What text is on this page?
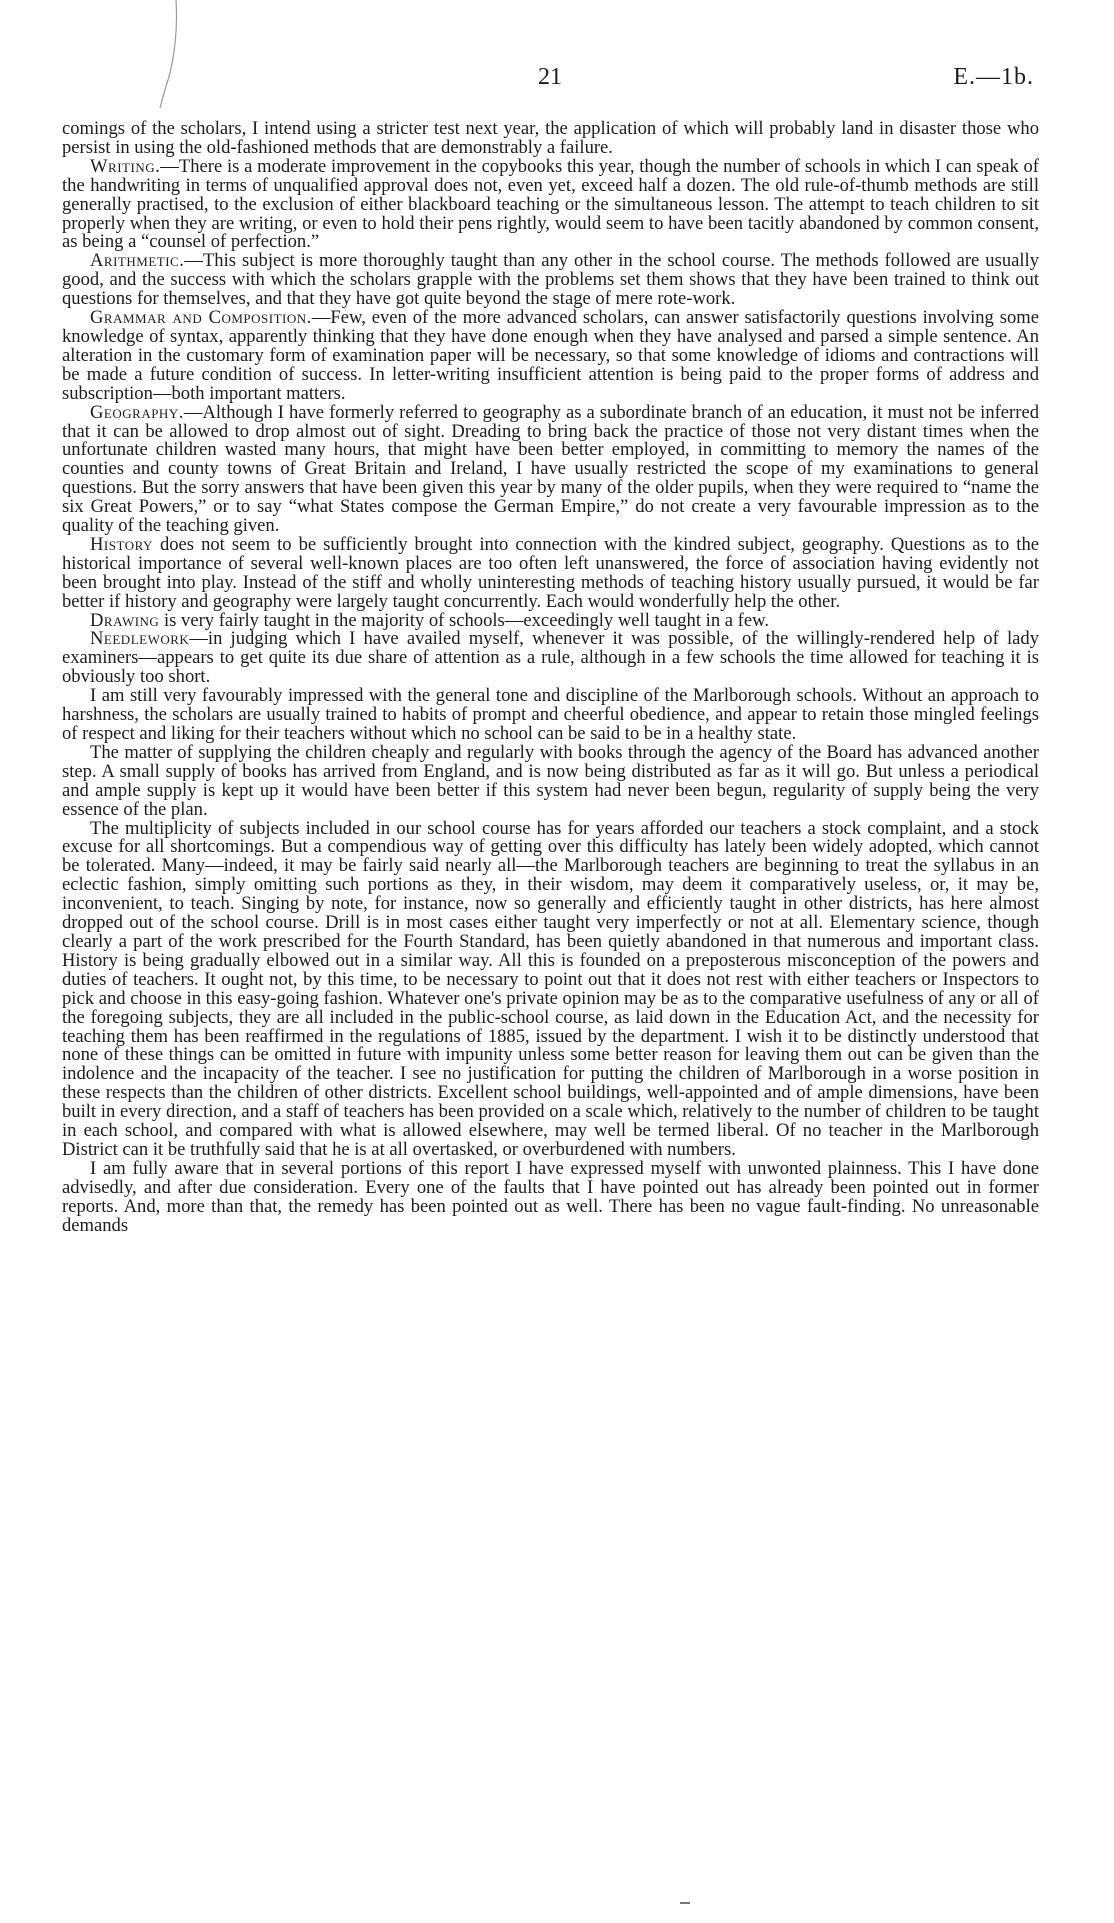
21	E.—1b.

comings of the scholars, I intend using a stricter test next year, the application of which will probably land in disaster those who persist in using the old-fashioned methods that are demonstrably a failure.

Writing.—There is a moderate improvement in the copybooks this year, though the number of schools in which I can speak of the handwriting in terms of unqualified approval does not, even yet, exceed half a dozen. The old rule-of-thumb methods are still generally practised, to the exclusion of either blackboard teaching or the simultaneous lesson. The attempt to teach children to sit properly when they are writing, or even to hold their pens rightly, would seem to have been tacitly abandoned by common consent, as being a “counsel of perfection.”

Arithmetic.—This subject is more thoroughly taught than any other in the school course. The methods followed are usually good, and the success with which the scholars grapple with the problems set them shows that they have been trained to think out questions for themselves, and that they have got quite beyond the stage of mere rote-work.

Grammar and Composition.—Few, even of the more advanced scholars, can answer satisfactorily questions involving some knowledge of syntax, apparently thinking that they have done enough when they have analysed and parsed a simple sentence. An alteration in the customary form of examination paper will be necessary, so that some knowledge of idioms and contractions will be made a future condition of success. In letter-writing insufficient attention is being paid to the proper forms of address and subscription—both important matters.

Geography.—Although I have formerly referred to geography as a subordinate branch of an education, it must not be inferred that it can be allowed to drop almost out of sight. Dreading to bring back the practice of those not very distant times when the unfortunate children wasted many hours, that might have been better employed, in committing to memory the names of the counties and county towns of Great Britain and Ireland, I have usually restricted the scope of my examinations to general questions. But the sorry answers that have been given this year by many of the older pupils, when they were required to “name the six Great Powers,” or to say “what States compose the German Empire,” do not create a very favourable impression as to the quality of the teaching given.

History does not seem to be sufficiently brought into connection with the kindred subject, geography. Questions as to the historical importance of several well-known places are too often left unanswered, the force of association having evidently not been brought into play. Instead of the stiff and wholly uninteresting methods of teaching history usually pursued, it would be far better if history and geography were largely taught concurrently. Each would wonderfully help the other.

Drawing is very fairly taught in the majority of schools—exceedingly well taught in a few.

Needlework—in judging which I have availed myself, whenever it was possible, of the willingly-rendered help of lady examiners—appears to get quite its due share of attention as a rule, although in a few schools the time allowed for teaching it is obviously too short.

I am still very favourably impressed with the general tone and discipline of the Marlborough schools. Without an approach to harshness, the scholars are usually trained to habits of prompt and cheerful obedience, and appear to retain those mingled feelings of respect and liking for their teachers without which no school can be said to be in a healthy state.

The matter of supplying the children cheaply and regularly with books through the agency of the Board has advanced another step. A small supply of books has arrived from England, and is now being distributed as far as it will go. But unless a periodical and ample supply is kept up it would have been better if this system had never been begun, regularity of supply being the very essence of the plan.

The multiplicity of subjects included in our school course has for years afforded our teachers a stock complaint, and a stock excuse for all shortcomings. But a compendious way of getting over this difficulty has lately been widely adopted, which cannot be tolerated. Many—indeed, it may be fairly said nearly all—the Marlborough teachers are beginning to treat the syllabus in an eclectic fashion, simply omitting such portions as they, in their wisdom, may deem it comparatively useless, or, it may be, inconvenient, to teach. Singing by note, for instance, now so generally and efficiently taught in other districts, has here almost dropped out of the school course. Drill is in most cases either taught very imperfectly or not at all. Elementary science, though clearly a part of the work prescribed for the Fourth Standard, has been quietly abandoned in that numerous and important class. History is being gradually elbowed out in a similar way. All this is founded on a preposterous misconception of the powers and duties of teachers. It ought not, by this time, to be necessary to point out that it does not rest with either teachers or Inspectors to pick and choose in this easy-going fashion. Whatever one's private opinion may be as to the comparative usefulness of any or all of the foregoing subjects, they are all included in the public-school course, as laid down in the Education Act, and the necessity for teaching them has been reaffirmed in the regulations of 1885, issued by the department. I wish it to be distinctly understood that none of these things can be omitted in future with impunity unless some better reason for leaving them out can be given than the indolence and the incapacity of the teacher. I see no justification for putting the children of Marlborough in a worse position in these respects than the children of other districts. Excellent school buildings, well-appointed and of ample dimensions, have been built in every direction, and a staff of teachers has been provided on a scale which, relatively to the number of children to be taught in each school, and compared with what is allowed elsewhere, may well be termed liberal. Of no teacher in the Marlborough District can it be truthfully said that he is at all overtasked, or overburdened with numbers.

I am fully aware that in several portions of this report I have expressed myself with unwonted plainness. This I have done advisedly, and after due consideration. Every one of the faults that I have pointed out has already been pointed out in former reports. And, more than that, the remedy has been pointed out as well. There has been no vague fault-finding. No unreasonable demands
